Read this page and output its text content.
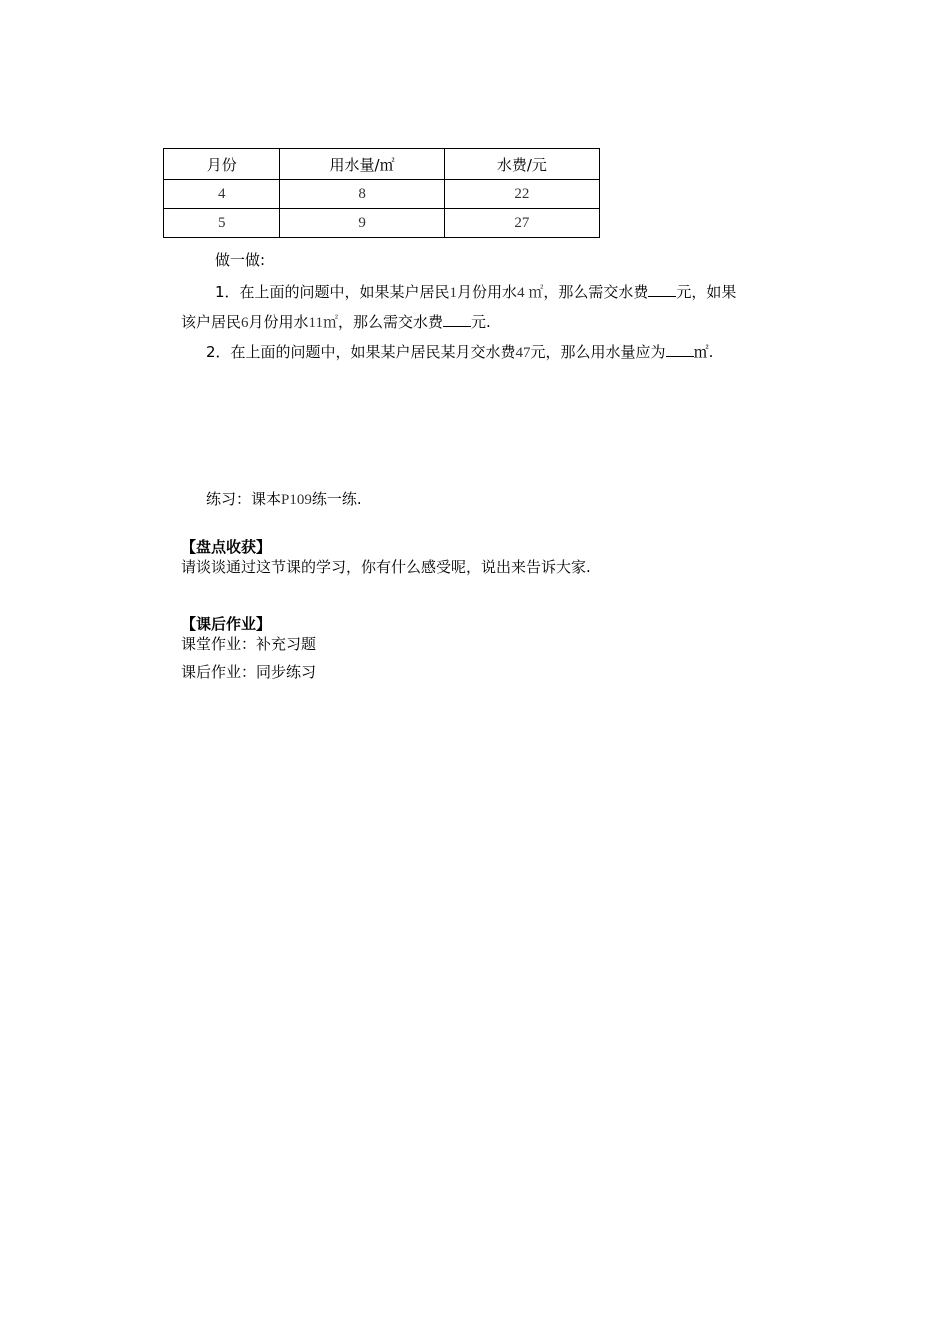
月份	用水量/㎡	水费/元
4	8	22
5	9	27
做一做:
1．在上面的问题中，如果某户居民1月份用水4 ㎡，那么需交水费 元，如果
该户居民6月份用水11㎡，那么需交水费 元.
2．在上面的问题中，如果某户居民某月交水费47元，那么用水量应为 ㎡.
练习：课本P109练一练.
【盘点收获】
请谈谈通过这节课的学习，你有什么感受呢，说出来告诉大家.
【课后作业】
课堂作业：补充习题
课后作业：同步练习
